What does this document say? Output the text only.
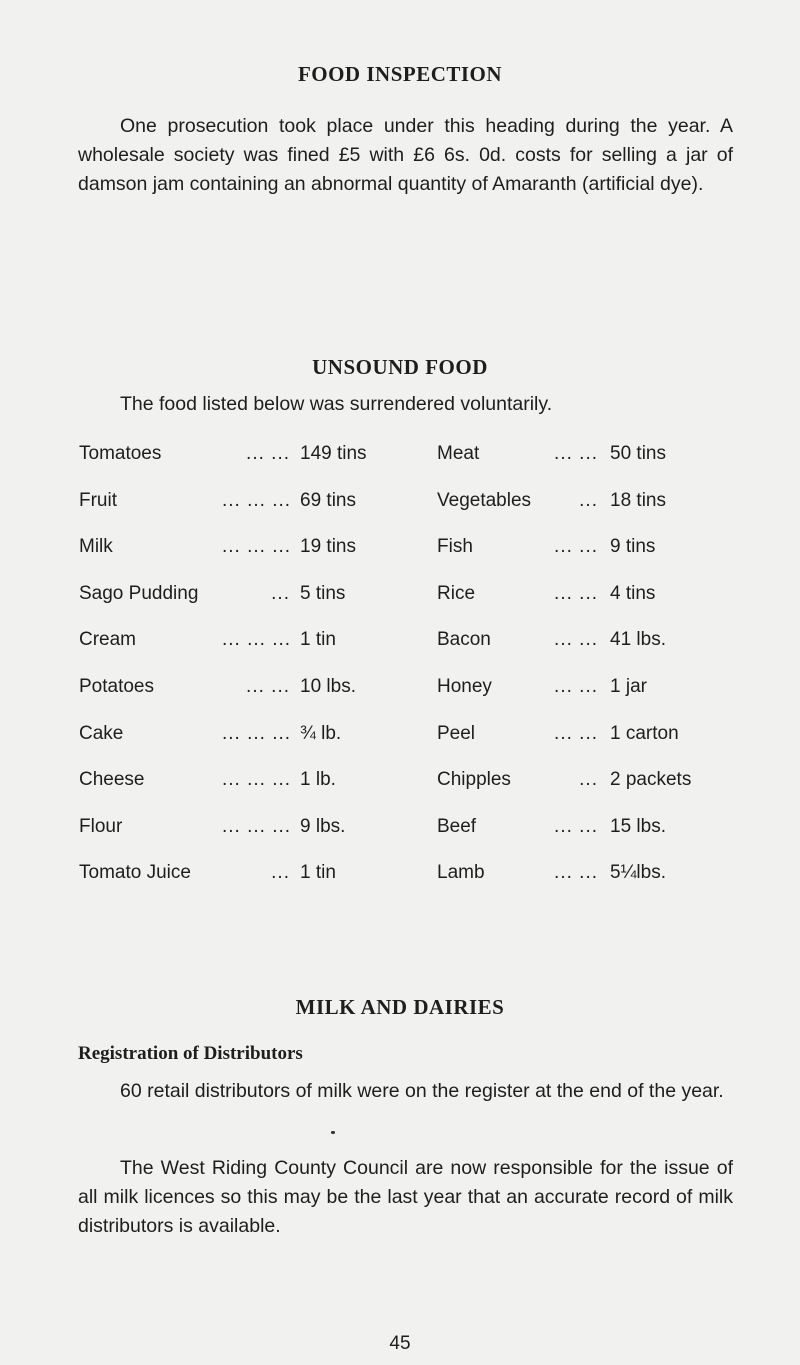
FOOD INSPECTION
One prosecution took place under this heading during the year. A wholesale society was fined £5 with £6 6s. 0d. costs for selling a jar of damson jam containing an abnormal quantity of Amaranth (artificial dye).
UNSOUND FOOD
The food listed below was surrendered voluntarily.
Tomatoes	... ... 149 tins	Meat	... ... 50 tins
Fruit	... ... ... 69 tins	Vegetables	... 18 tins
Milk	... ... ... 19 tins	Fish	... ... 9 tins
Sago Pudding	... 5 tins	Rice	... ... 4 tins
Cream	... ... ... 1 tin	Bacon	... ... 41 lbs.
Potatoes	... ... 10 lbs.	Honey	... ... 1 jar
Cake	... ... ... ¾ lb.	Peel	... ... 1 carton
Cheese	... ... ... 1 lb.	Chipples	... 2 packets
Flour	... ... ... 9 lbs.	Beef	... ... 15 lbs.
Tomato Juice	... 1 tin	Lamb	... ... 5¼lbs.
MILK AND DAIRIES
Registration of Distributors
60 retail distributors of milk were on the register at the end of the year.
The West Riding County Council are now responsible for the issue of all milk licences so this may be the last year that an accurate record of milk distributors is available.
45
